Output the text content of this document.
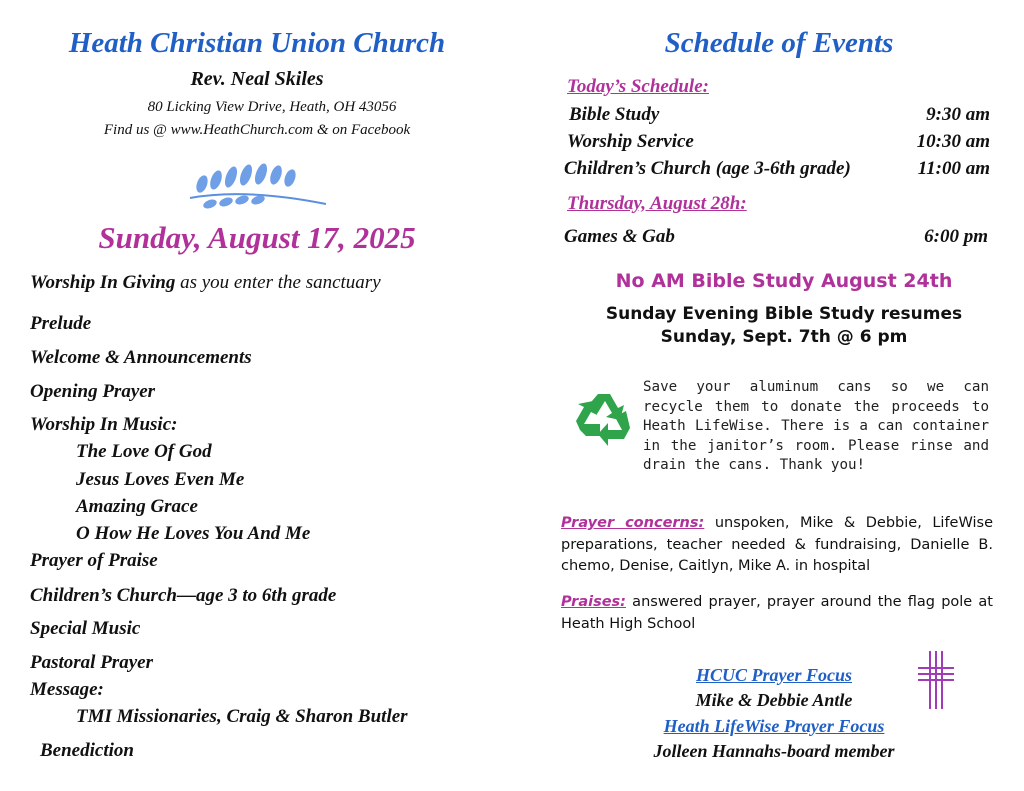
Heath Christian Union Church
Rev. Neal Skiles
80 Licking View Drive, Heath, OH 43056
Find us @ www.HeathChurch.com & on Facebook
Sunday, August 17, 2025
Worship In Giving as you enter the sanctuary
Prelude
Welcome & Announcements
Opening Prayer
Worship In Music:
The Love Of God
Jesus Loves Even Me
Amazing Grace
O How He Loves You And Me
Prayer of Praise
Children’s Church—age 3 to 6th grade
Special Music
Pastoral Prayer
Message:
TMI Missionaries, Craig & Sharon Butler
Benediction
Schedule of Events
Today’s Schedule:
Bible Study	9:30 am
Worship Service	10:30 am
Children’s Church (age 3-6th grade)	11:00 am
Thursday, August 28h:
Games & Gab	6:00 pm
No AM Bible Study August 24th
Sunday Evening Bible Study resumes
Sunday, Sept. 7th @ 6 pm
Save your aluminum cans so we can recycle them to donate the proceeds to Heath LifeWise. There is a can container in the janitor’s room. Please rinse and drain the cans. Thank you!
Prayer concerns: unspoken, Mike & Debbie, LifeWise preparations, teacher needed & fundraising, Danielle B. chemo, Denise, Caitlyn, Mike A. in hospital
Praises: answered prayer, prayer around the flag pole at Heath High School
HCUC Prayer Focus
Mike & Debbie Antle
Heath LifeWise Prayer Focus
Jolleen Hannahs-board member
